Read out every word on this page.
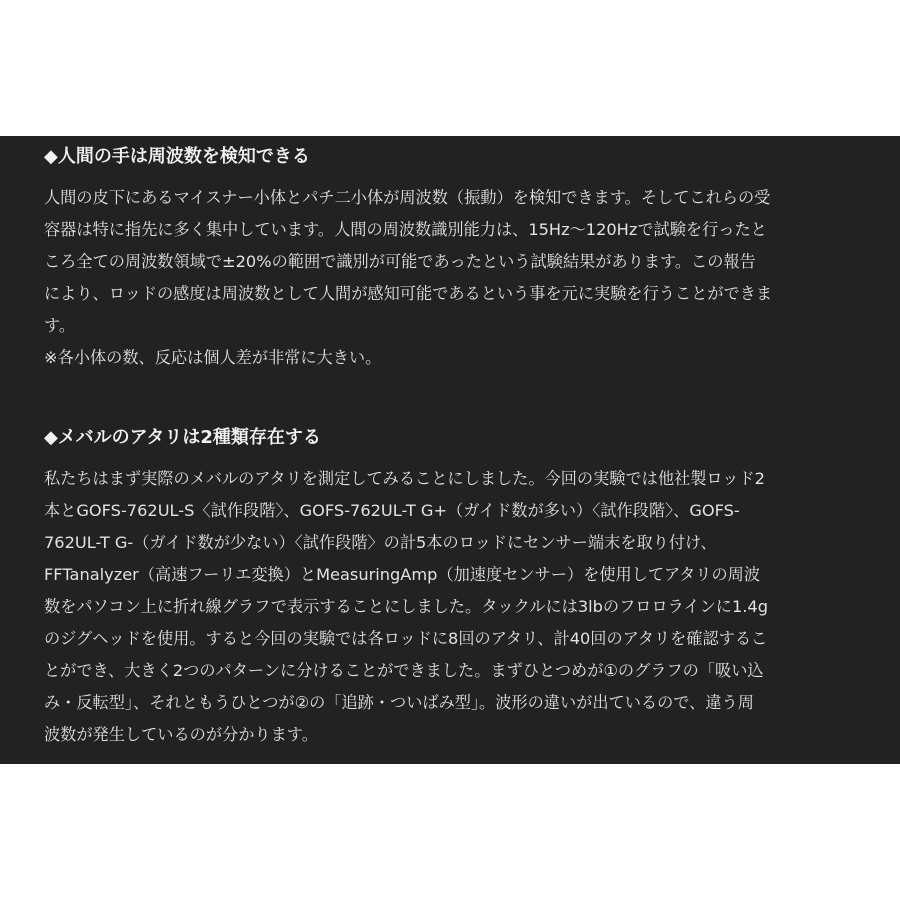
◆人間の手は周波数を検知できる

人間の皮下にあるマイスナー小体とパチ二小体が周波数（振動）を検知できます。そしてこれらの受
容器は特に指先に多く集中しています。人間の周波数識別能力は、15Hz～120Hzで試験を行ったと
ころ全ての周波数領域で±20%の範囲で識別が可能であったという試験結果があります。この報告
により、ロッドの感度は周波数として人間が感知可能であるという事を元に実験を行うことができま
す。
※各小体の数、反応は個人差が非常に大きい。

◆メバルのアタリは2種類存在する

私たちはまず実際のメバルのアタリを測定してみることにしました。今回の実験では他社製ロッド2
本とGOFS-762UL-S〈試作段階〉、GOFS-762UL-T G+（ガイド数が多い）〈試作段階〉、GOFS-
762UL-T G-（ガイド数が少ない）〈試作段階〉の計5本のロッドにセンサー端末を取り付け、
FFTanalyzer（高速フーリエ変換）とMeasuringAmp（加速度センサー）を使用してアタリの周波
数をパソコン上に折れ線グラフで表示することにしました。タックルには3lbのフロロラインに1.4g
のジグヘッドを使用。すると今回の実験では各ロッドに8回のアタリ、計40回のアタリを確認するこ
とができ、大きく2つのパターンに分けることができました。まずひとつめが①のグラフの「吸い込
み・反転型」、それともうひとつが②の「追跡・ついばみ型」。波形の違いが出ているので、違う周
波数が発生しているのが分かります。
